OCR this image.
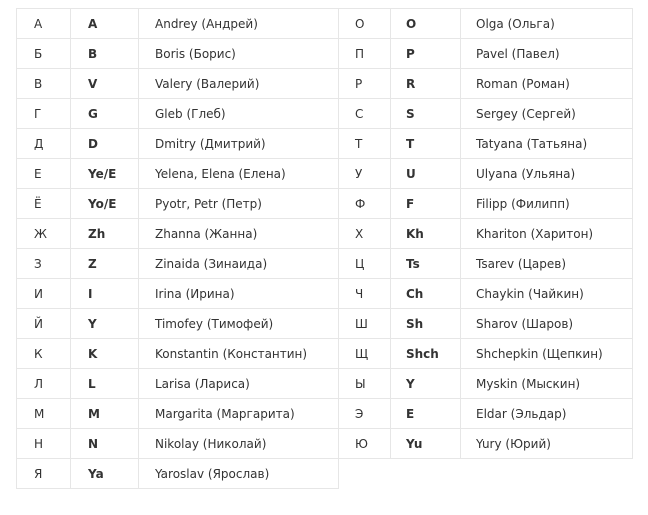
А	A	Andrey (Андрей)	О	O	Olga (Ольга)
Б	B	Boris (Борис)	П	P	Pavel (Павел)
В	V	Valery (Валерий)	Р	R	Roman (Роман)
Г	G	Gleb (Глеб)	С	S	Sergey (Сергей)
Д	D	Dmitry (Дмитрий)	Т	T	Tatyana (Татьяна)
Е	Ye/E	Yelena, Elena (Елена)	У	U	Ulyana (Ульяна)
Ё	Yo/E	Pyotr, Petr (Петр)	Ф	F	Filipp (Филипп)
Ж	Zh	Zhanna (Жанна)	Х	Kh	Khariton (Харитон)
З	Z	Zinaida (Зинаида)	Ц	Ts	Tsarev (Царев)
И	I	Irina (Ирина)	Ч	Ch	Chaykin (Чайкин)
Й	Y	Timofey (Тимофей)	Ш	Sh	Sharov (Шаров)
К	K	Konstantin (Константин)	Щ	Shch	Shchepkin (Щепкин)
Л	L	Larisa (Лариса)	Ы	Y	Myskin (Мыскин)
М	M	Margarita (Маргарита)	Э	E	Eldar (Эльдар)
Н	N	Nikolay (Николай)	Ю	Yu	Yury (Юрий)
Я	Ya	Yaroslav (Ярослав)			
